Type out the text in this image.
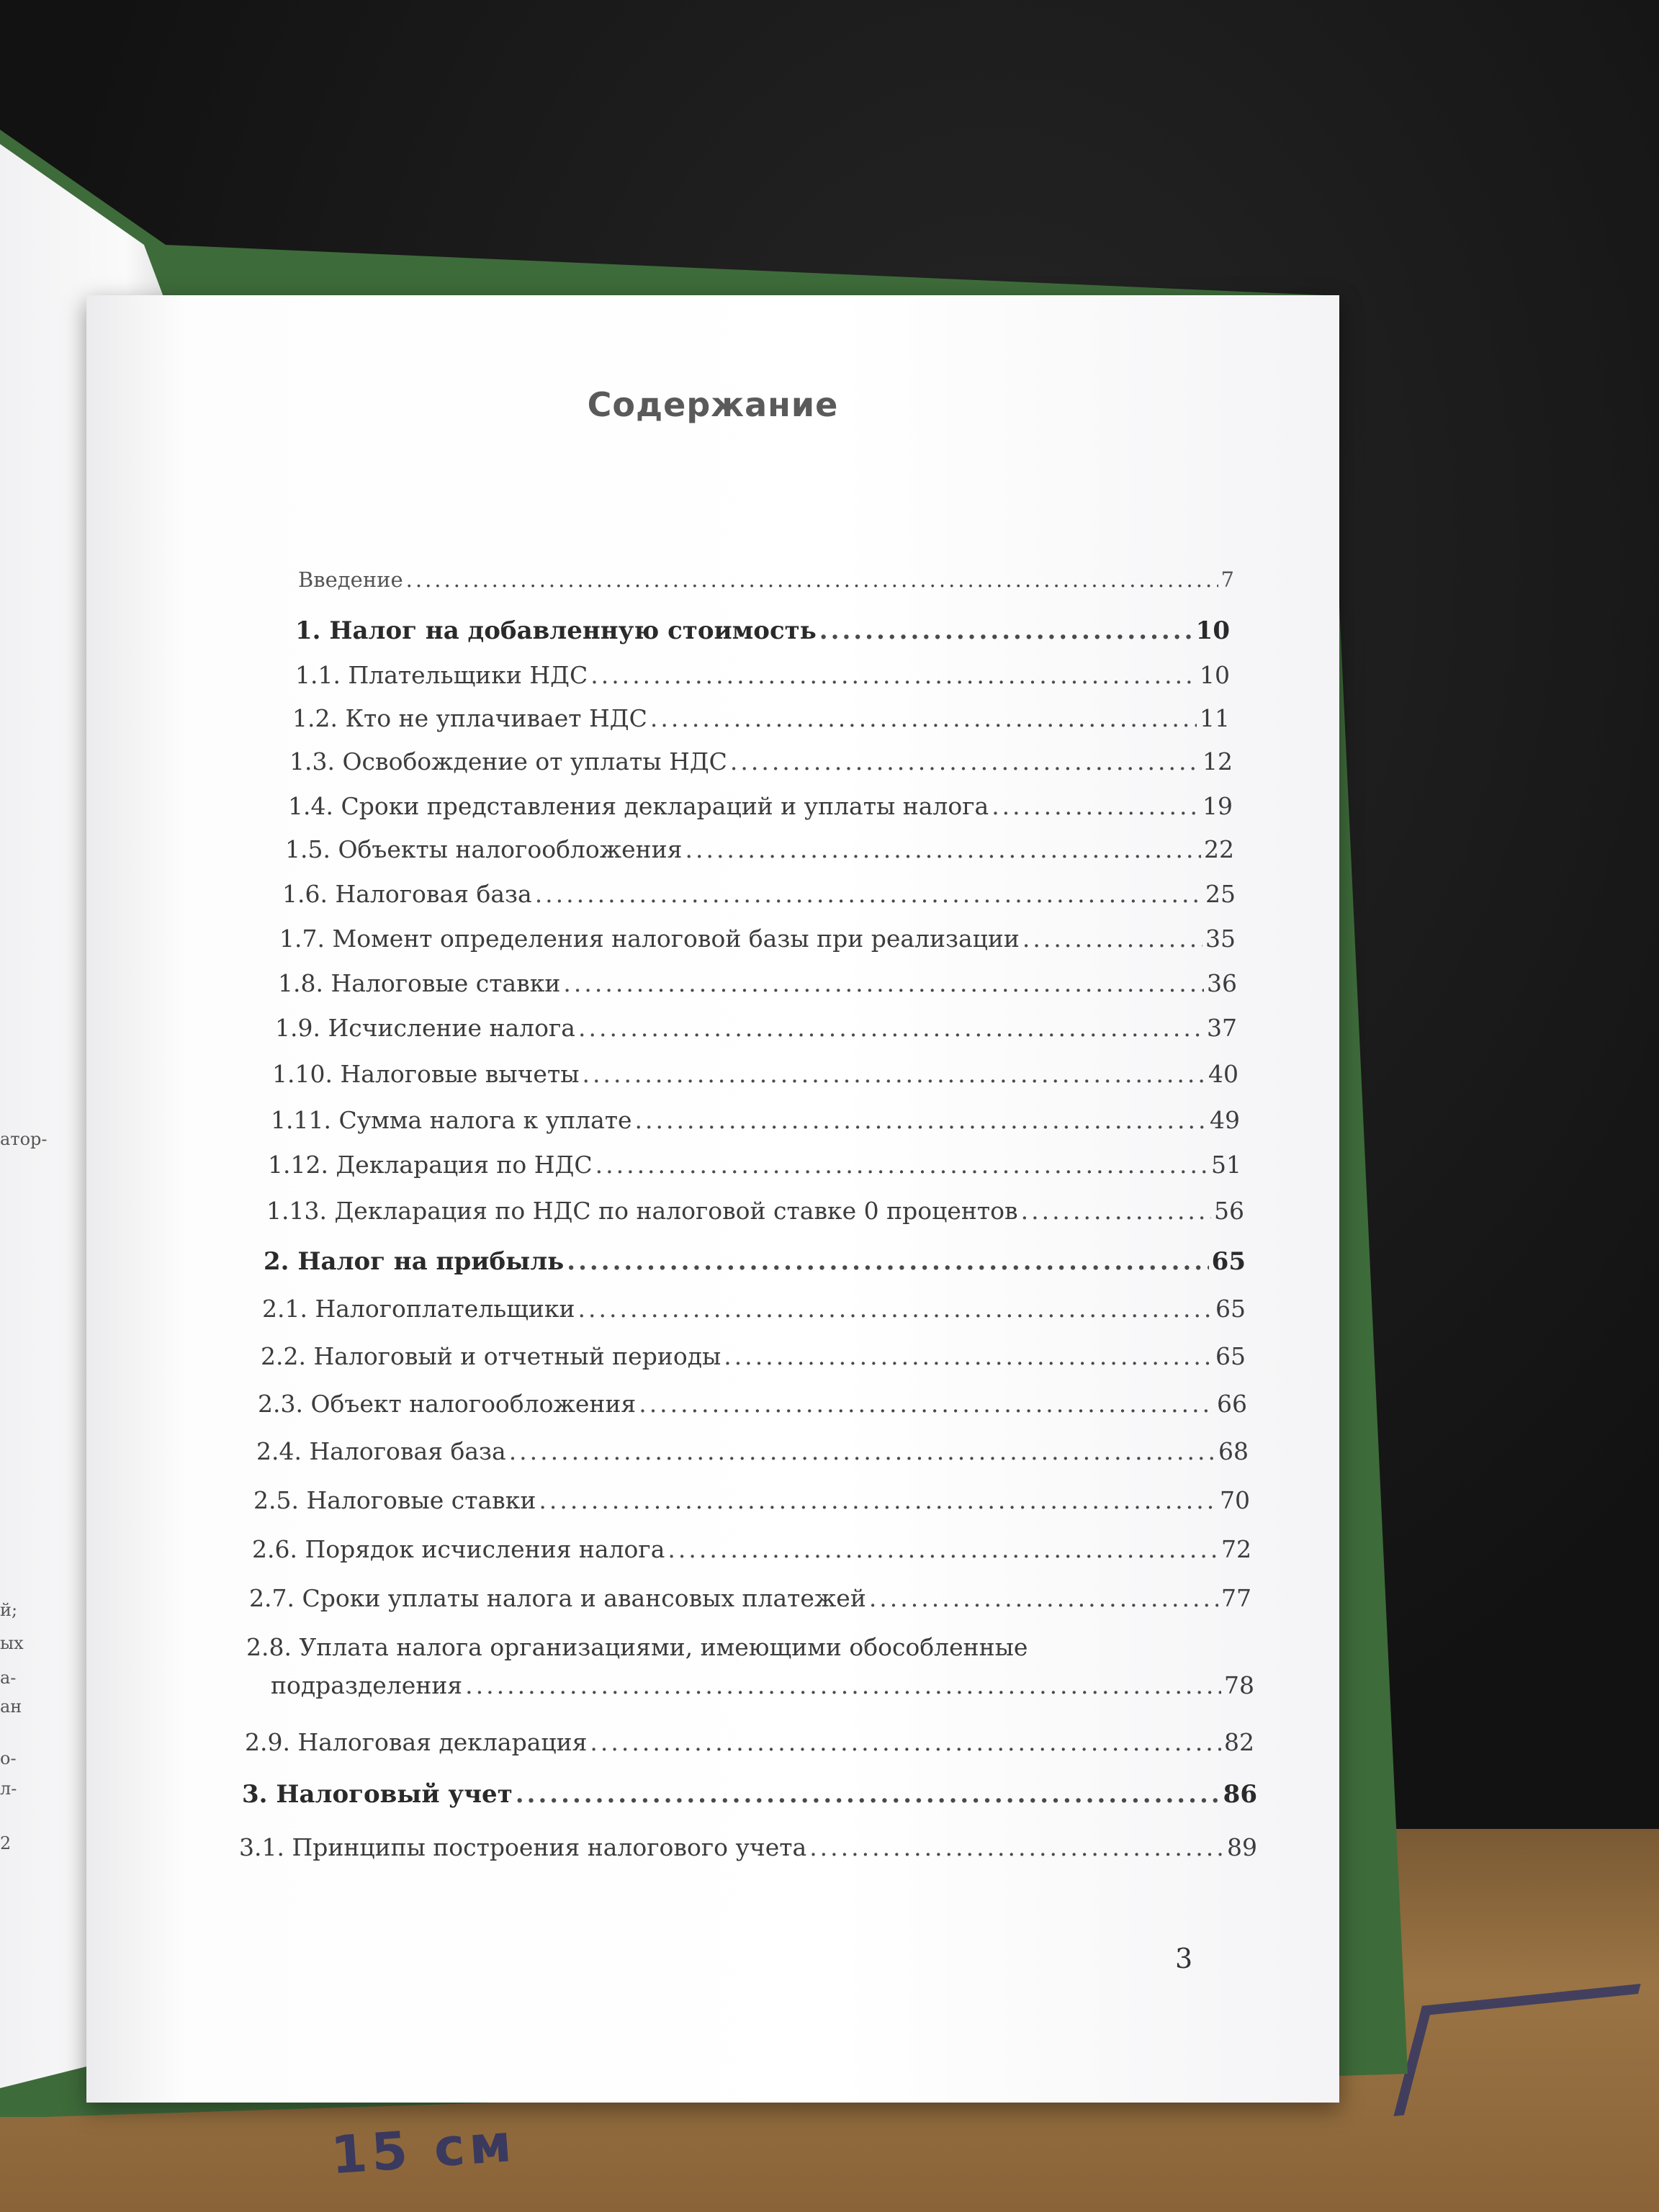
15 см
атор-
й;
ых
а-
ан
о-
л-
2
Содержание
Введение .....	7
1. Налог на добавленную стоимость .....	10
1.1. Плательщики НДС .....	10
1.2. Кто не уплачивает НДС .....	11
1.3. Освобождение от уплаты НДС .....	12
1.4. Сроки представления деклараций и уплаты налога .....	19
1.5. Объекты налогообложения .....	22
1.6. Налоговая база .....	25
1.7. Момент определения налоговой базы при реализации .....	35
1.8. Налоговые ставки .....	36
1.9. Исчисление налога .....	37
1.10. Налоговые вычеты .....	40
1.11. Сумма налога к уплате .....	49
1.12. Декларация по НДС .....	51
1.13. Декларация по НДС по налоговой ставке 0 процентов .....	56
2. Налог на прибыль .....	65
2.1. Налогоплательщики .....	65
2.2. Налоговый и отчетный периоды .....	65
2.3. Объект налогообложения .....	66
2.4. Налоговая база .....	68
2.5. Налоговые ставки .....	70
2.6. Порядок исчисления налога .....	72
2.7. Сроки уплаты налога и авансовых платежей .....	77
2.8. Уплата налога организациями, имеющими обособленные
подразделения .....	78
2.9. Налоговая декларация .....	82
3. Налоговый учет .....	86
3.1. Принципы построения налогового учета .....	89
3
